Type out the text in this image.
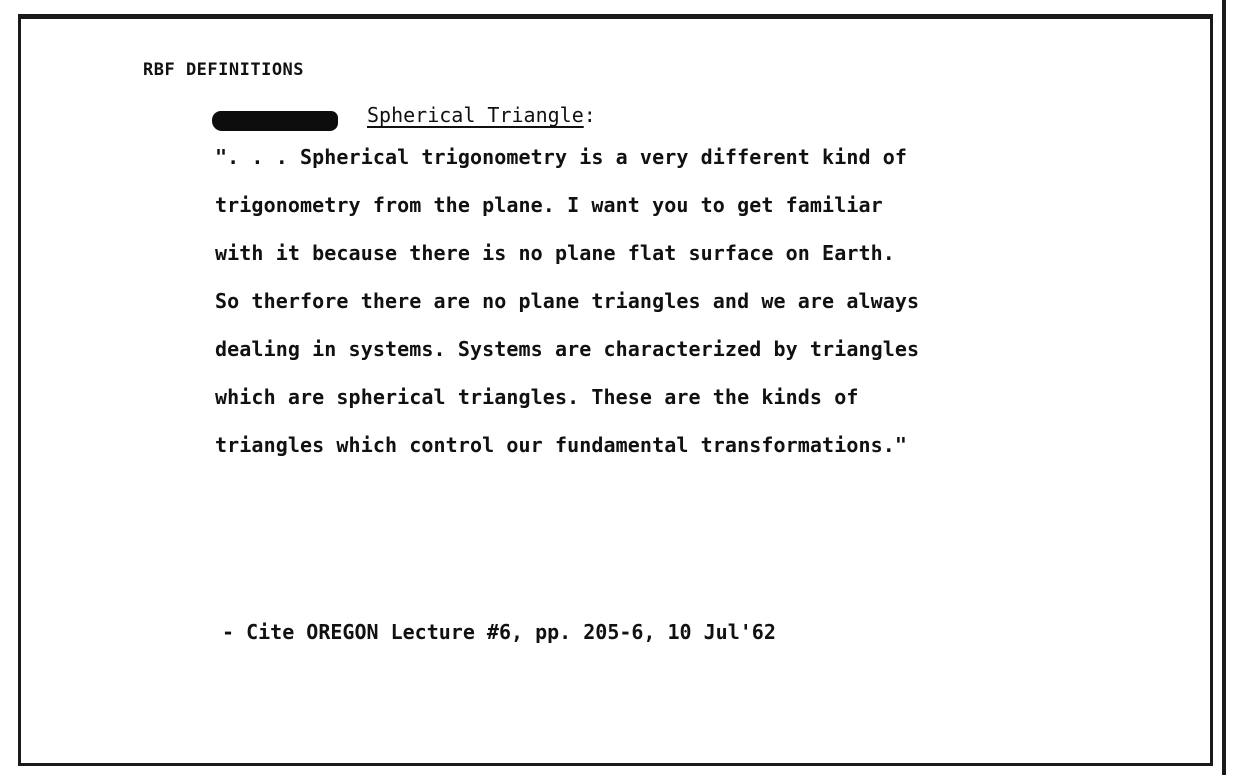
RBF DEFINITIONS
Spherical Triangle:
". . . Spherical trigonometry is a very different kind of
trigonometry from the plane. I want you to get familiar
with it because there is no plane flat surface on Earth.
So therfore there are no plane triangles and we are always
dealing in systems. Systems are characterized by triangles
which are spherical triangles. These are the kinds of
triangles which control our fundamental transformations."
- Cite OREGON Lecture #6, pp. 205-6, 10 Jul'62
